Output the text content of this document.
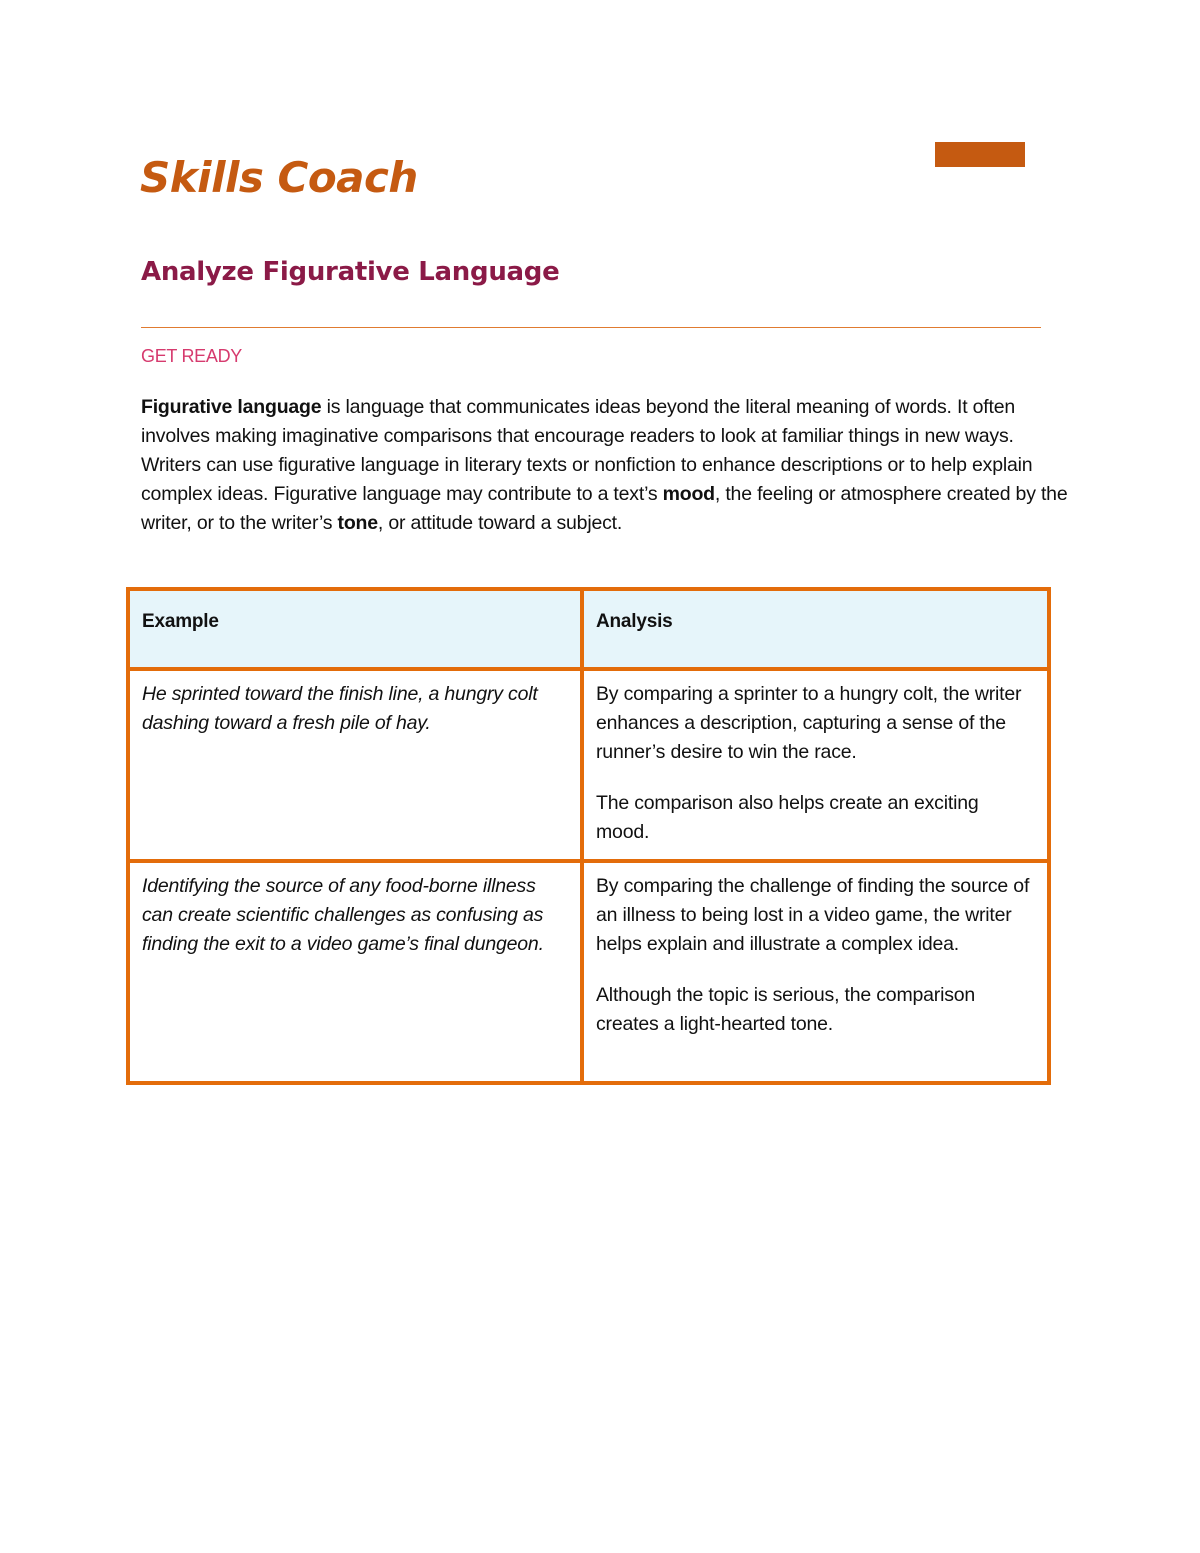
Skills Coach
Analyze Figurative Language
GET READY

Figurative language is language that communicates ideas beyond the literal meaning of words. It often involves making imaginative comparisons that encourage readers to look at familiar things in new ways. Writers can use figurative language in literary texts or nonfiction to enhance descriptions or to help explain complex ideas. Figurative language may contribute to a text’s mood, the feeling or atmosphere created by the writer, or to the writer’s tone, or attitude toward a subject.

Example	Analysis

He sprinted toward the finish line, a hungry colt dashing toward a fresh pile of hay.	By comparing a sprinter to a hungry colt, the writer enhances a description, capturing a sense of the runner’s desire to win the race.

The comparison also helps create an exciting mood.

Identifying the source of any food-borne illness can create scientific challenges as confusing as finding the exit to a video game’s final dungeon.	By comparing the challenge of finding the source of an illness to being lost in a video game, the writer helps explain and illustrate a complex idea.

Although the topic is serious, the comparison creates a light-hearted tone.
